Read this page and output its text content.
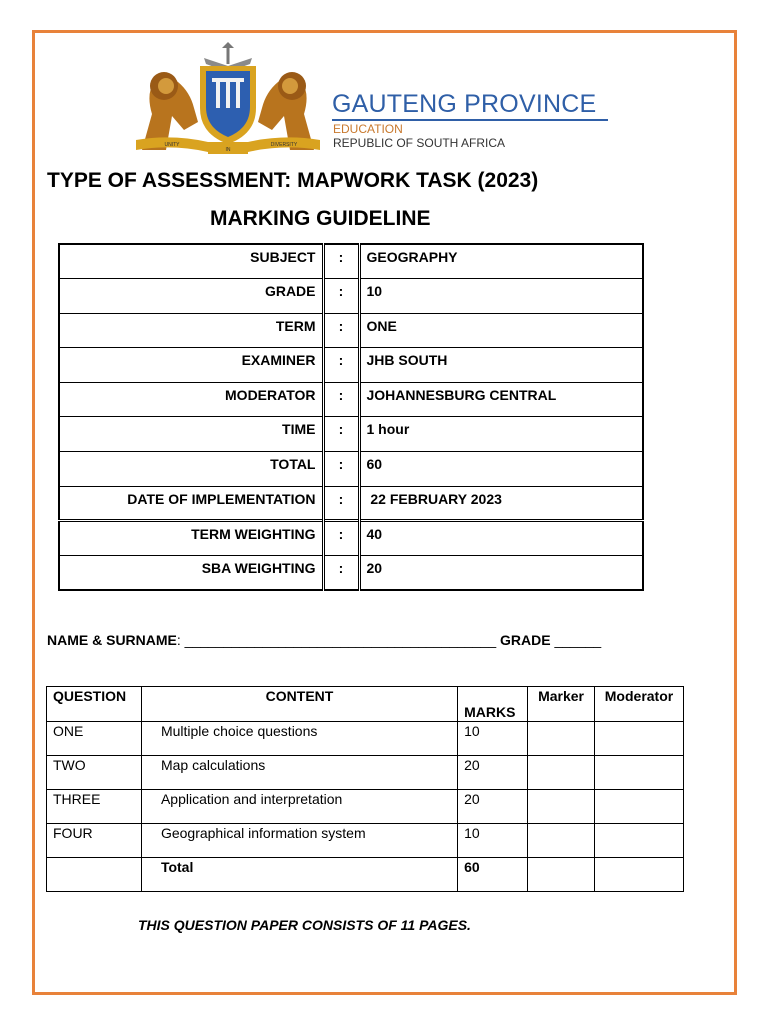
UNITY
IN
DIVERSITY
GAUTENG PROVINCE
EDUCATION
REPUBLIC OF SOUTH AFRICA
TYPE OF ASSESSMENT: MAPWORK TASK (2023)
MARKING GUIDELINE
SUBJECT	:	GEOGRAPHY
GRADE	:	10
TERM	:	ONE
EXAMINER	:	JHB SOUTH
MODERATOR	:	JOHANNESBURG CENTRAL
TIME	:	1 hour
TOTAL	:	60
DATE OF IMPLEMENTATION	:	22 FEBRUARY 2023
TERM WEIGHTING	:	40
SBA WEIGHTING	:	20
NAME & SURNAME: ________________________________________ GRADE ______
QUESTION	CONTENT	MARKS	Marker	Moderator
ONE	Multiple choice questions	10		
TWO	Map calculations	20		
THREE	Application and interpretation	20		
FOUR	Geographical information system	10		
	Total	60		
THIS QUESTION PAPER CONSISTS OF 11 PAGES.
